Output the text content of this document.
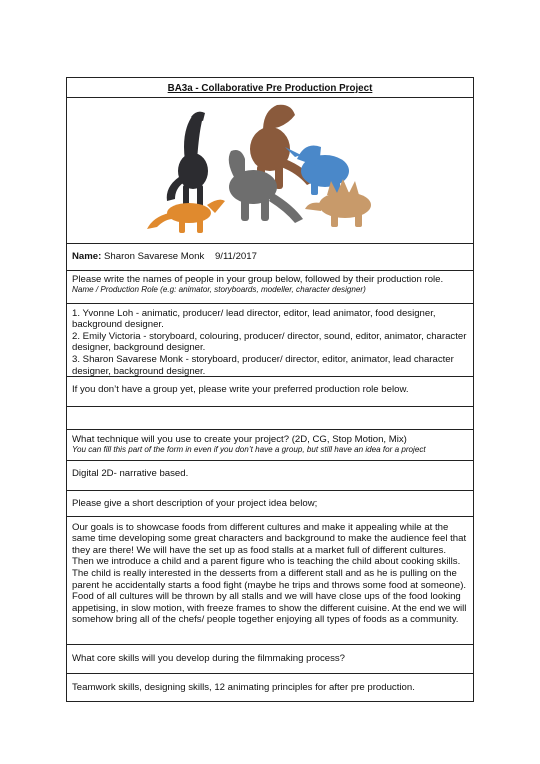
BA3a - Collaborative Pre Production Project
Name: Sharon Savarese Monk 9/11/2017
Please write the names of people in your group below, followed by their production role.
Name / Production Role (e.g: animator, storyboards, modeller, character designer)
1. Yvonne Loh - animatic, producer/ lead director, editor, lead animator, food designer, background designer.
2. Emily Victoria - storyboard, colouring, producer/ director, sound, editor, animator, character designer, background designer.
3. Sharon Savarese Monk - storyboard, producer/ director, editor, animator, lead character designer, background designer.
If you don’t have a group yet, please write your preferred production role below.
What technique will you use to create your project? (2D, CG, Stop Motion, Mix)
You can fill this part of the form in even if you don’t have a group, but still have an idea for a project
Digital 2D- narrative based.
Please give a short description of your project idea below;
Our goals is to showcase foods from different cultures and make it appealing while at the same time developing some great characters and background to make the audience feel that they are there! We will have the set up as food stalls at a market full of different cultures. Then we introduce a child and a parent figure who is teaching the child about cooking skills. The child is really interested in the desserts from a different stall and as he is pulling on the parent he accidentally starts a food fight (maybe he trips and throws some food at someone). Food of all cultures will be thrown by all stalls and we will have close ups of the food looking appetising, in slow motion, with freeze frames to show the different cuisine. At the end we will somehow bring all of the chefs/ people together enjoying all types of foods as a community.
What core skills will you develop during the filmmaking process?
Teamwork skills, designing skills, 12 animating principles for after pre production.
